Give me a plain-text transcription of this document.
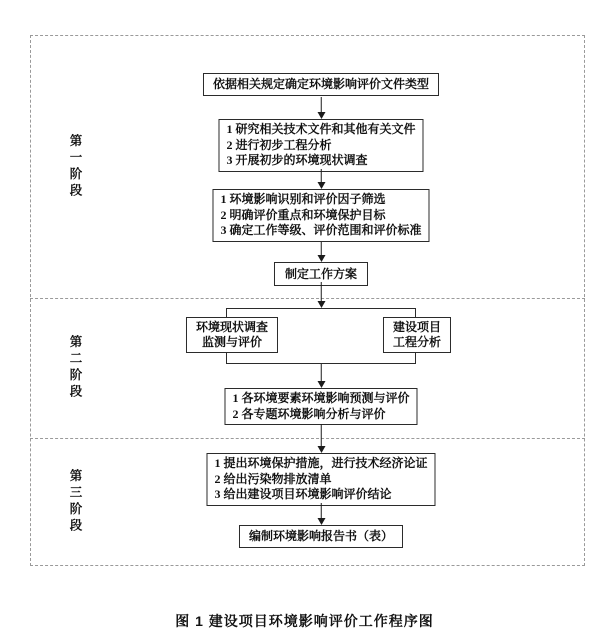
第一阶段
第二阶段
第三阶段
依据相关规定确定环境影响评价文件类型
1 研究相关技术文件和其他有关文件
2 进行初步工程分析
3 开展初步的环境现状调查
1 环境影响识别和评价因子筛选
2 明确评价重点和环境保护目标
3 确定工作等级、评价范围和评价标准
制定工作方案
环境现状调查
监测与评价
建设项目
工程分析
1 各环境要素环境影响预测与评价
2 各专题环境影响分析与评价
1 提出环境保护措施，进行技术经济论证
2 给出污染物排放清单
3 给出建设项目环境影响评价结论
编制环境影响报告书（表）
图 1 建设项目环境影响评价工作程序图
